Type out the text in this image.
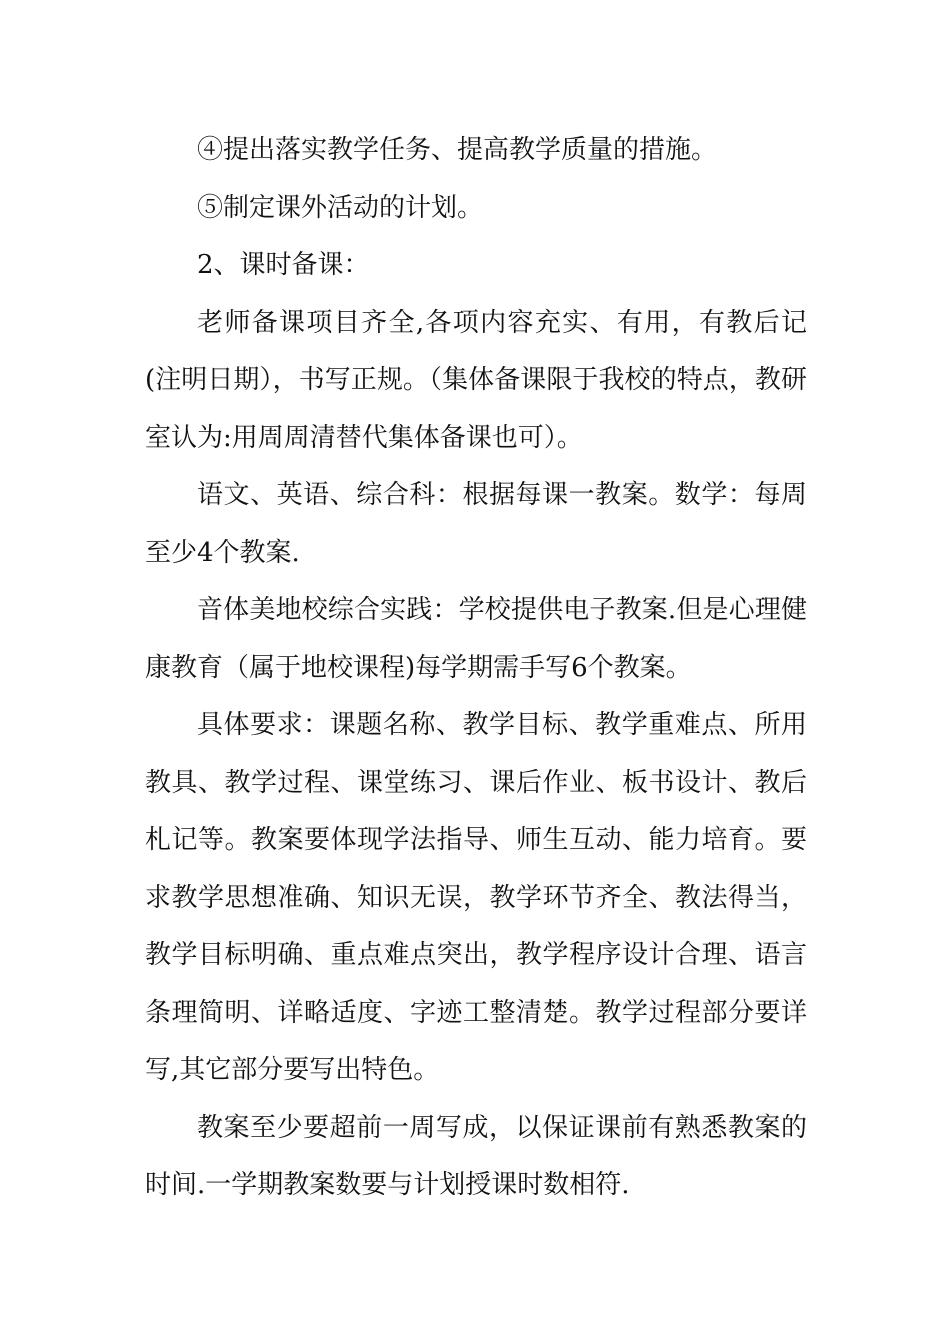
④提出落实教学任务、提高教学质量的措施。

⑤制定课外活动的计划。

2、课时备课：

老师备课项目齐全,各项内容充实、有用，有教后记(注明日期），书写正规。（集体备课限于我校的特点，教研室认为:用周周清替代集体备课也可）。

语文、英语、综合科：根据每课一教案。数学：每周至少4个教案.

音体美地校综合实践：学校提供电子教案.但是心理健康教育（属于地校课程)每学期需手写6个教案。

具体要求：课题名称、教学目标、教学重难点、所用教具、教学过程、课堂练习、课后作业、板书设计、教后札记等。教案要体现学法指导、师生互动、能力培育。要求教学思想准确、知识无误，教学环节齐全、教法得当，教学目标明确、重点难点突出，教学程序设计合理、语言条理简明、详略适度、字迹工整清楚。教学过程部分要详写,其它部分要写出特色。

教案至少要超前一周写成，以保证课前有熟悉教案的时间.一学期教案数要与计划授课时数相符.
